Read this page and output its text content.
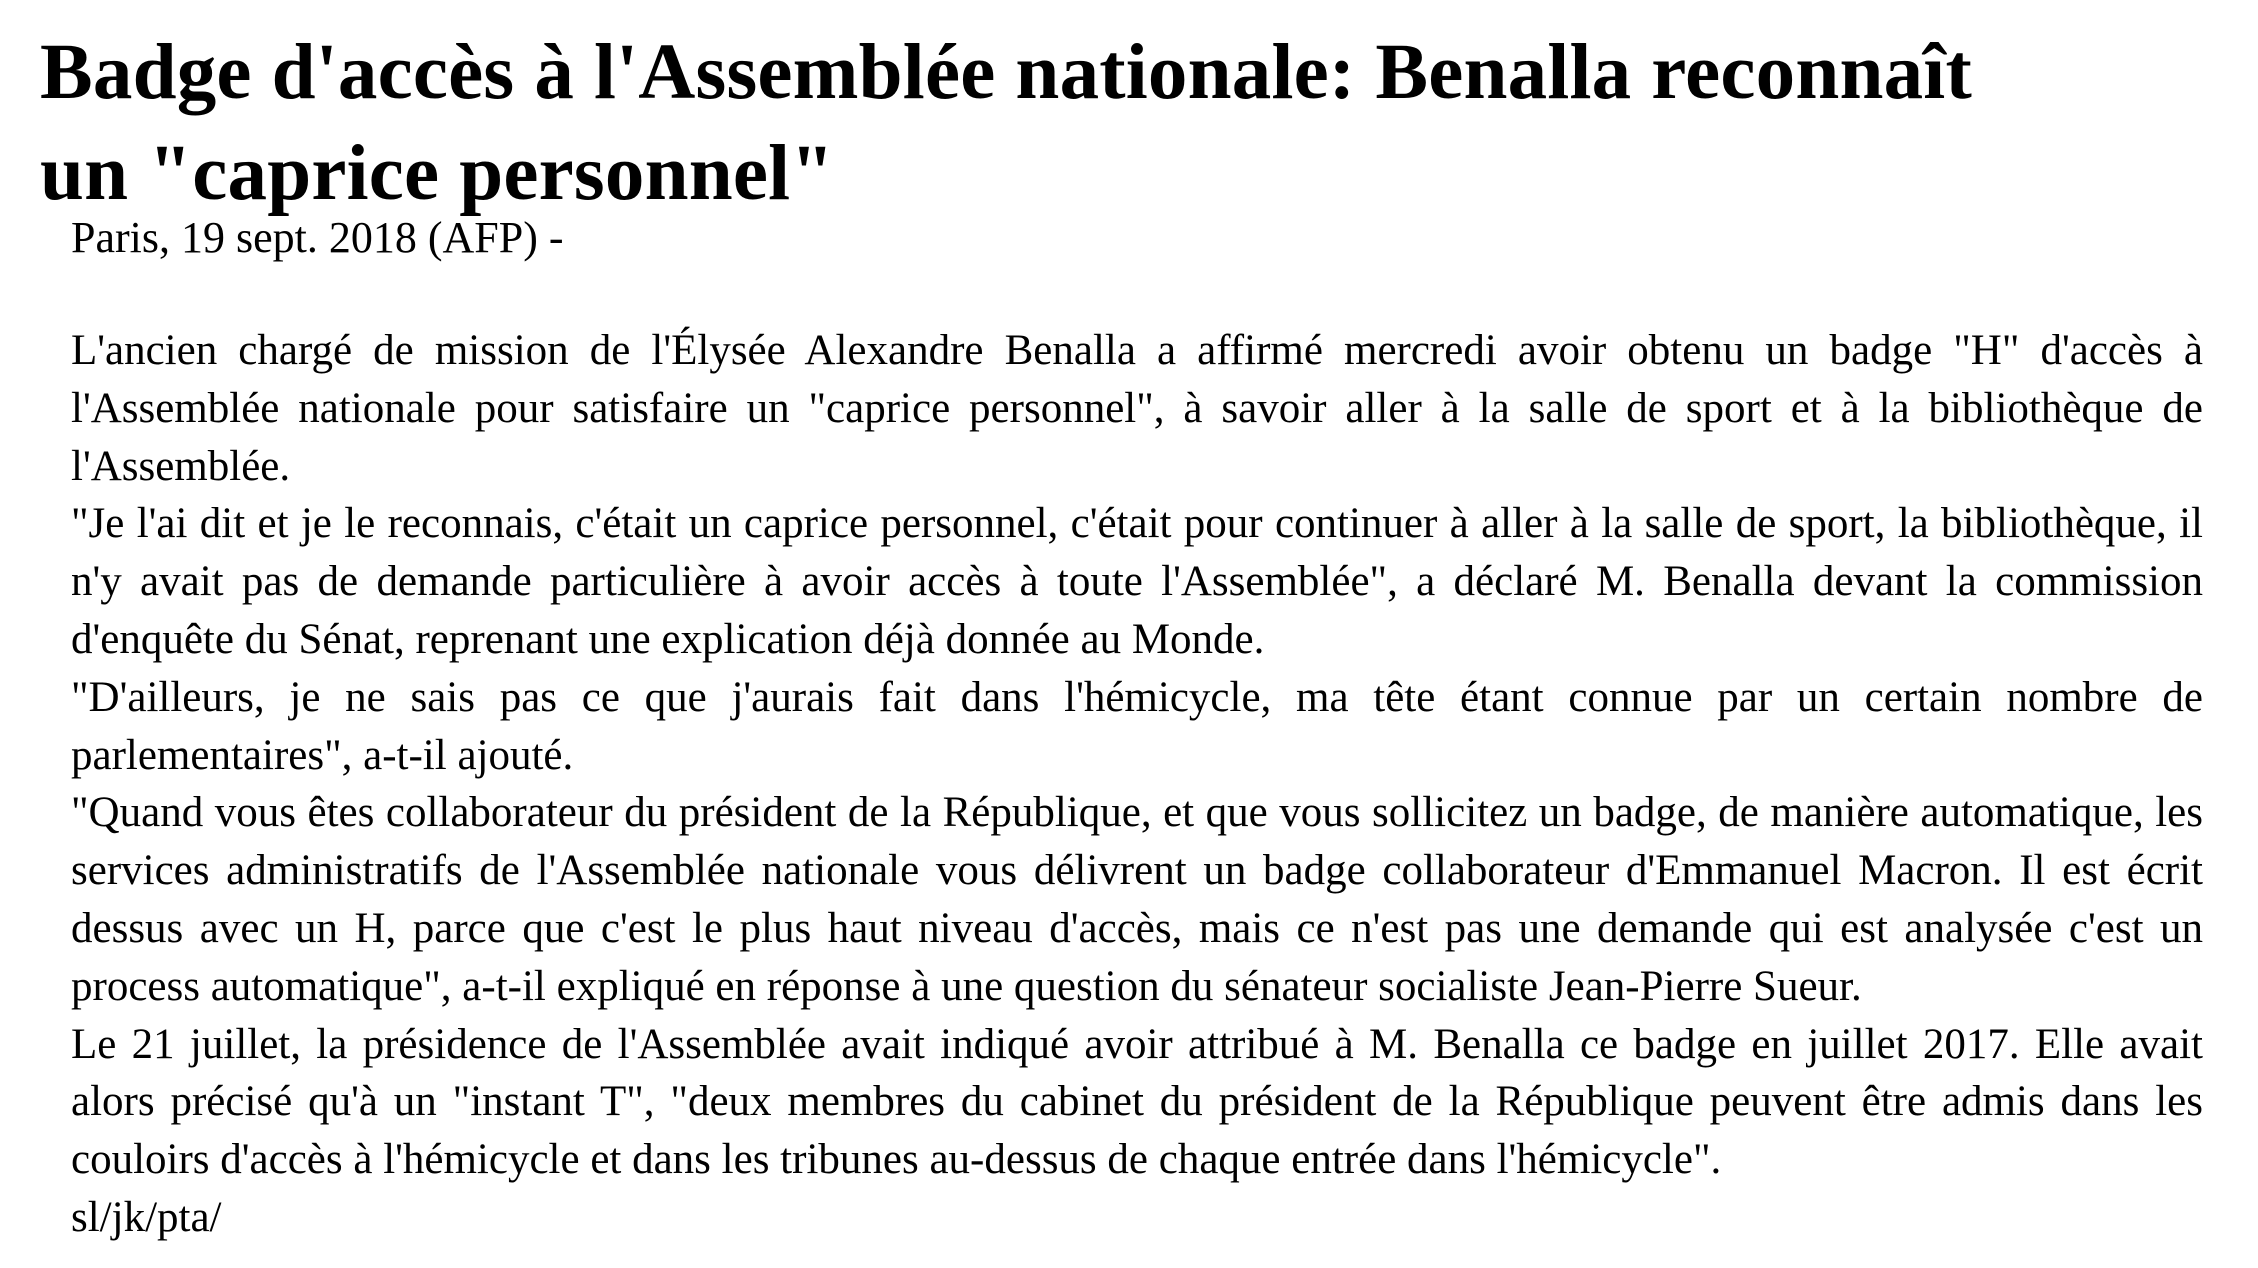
Badge d'accès à l'Assemblée nationale: Benalla reconnaît un "caprice personnel"

Paris, 19 sept. 2018 (AFP) -

L'ancien chargé de mission de l'Élysée Alexandre Benalla a affirmé mercredi avoir obtenu un badge "H" d'accès à l'Assemblée nationale pour satisfaire un "caprice personnel", à savoir aller à la salle de sport et à la bibliothèque de l'Assemblée.

"Je l'ai dit et je le reconnais, c'était un caprice personnel, c'était pour continuer à aller à la salle de sport, la bibliothèque, il n'y avait pas de demande particulière à avoir accès à toute l'Assemblée", a déclaré M. Benalla devant la commission d'enquête du Sénat, reprenant une explication déjà donnée au Monde.

"D'ailleurs, je ne sais pas ce que j'aurais fait dans l'hémicycle, ma tête étant connue par un certain nombre de parlementaires", a-t-il ajouté.

"Quand vous êtes collaborateur du président de la République, et que vous sollicitez un badge, de manière automatique, les services administratifs de l'Assemblée nationale vous délivrent un badge collaborateur d'Emmanuel Macron. Il est écrit dessus avec un H, parce que c'est le plus haut niveau d'accès, mais ce n'est pas une demande qui est analysée c'est un process automatique", a-t-il expliqué en réponse à une question du sénateur socialiste Jean-Pierre Sueur.

Le 21 juillet, la présidence de l'Assemblée avait indiqué avoir attribué à M. Benalla ce badge en juillet 2017. Elle avait alors précisé qu'à un "instant T", "deux membres du cabinet du président de la République peuvent être admis dans les couloirs d'accès à l'hémicycle et dans les tribunes au-dessus de chaque entrée dans l'hémicycle".

sl/jk/pta/
